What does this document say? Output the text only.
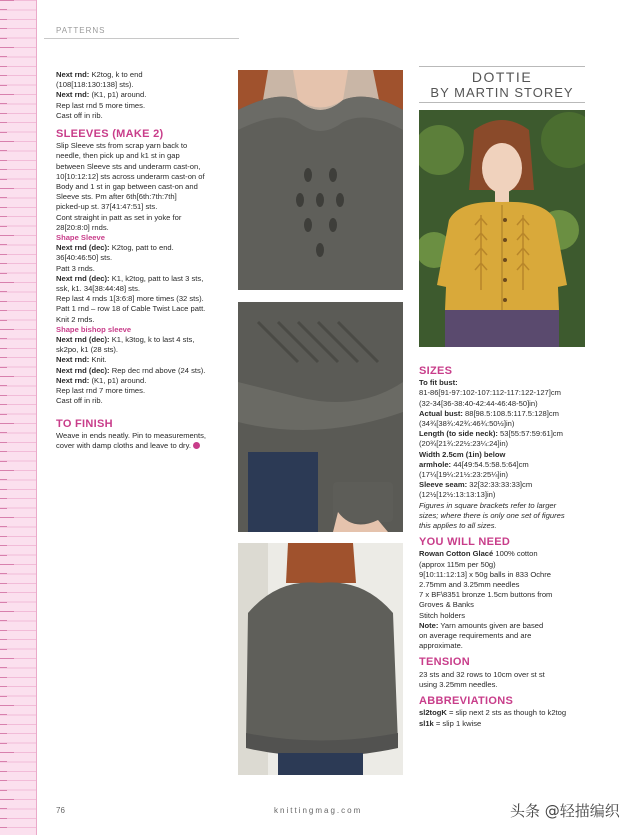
PATTERNS

Next rnd: K2tog, k to end

(108[118:130:138] sts).

Next rnd: (K1, p1) around.

Rep last rnd 5 more times.

Cast off in rib.

SLEEVES (MAKE 2)

Slip Sleeve sts from scrap yarn back to

needle, then pick up and k1 st in gap

between Sleeve sts and underarm cast-on,

10[10:12:12] sts across underarm cast-on of

Body and 1 st in gap between cast-on and

Sleeve sts. Pm after 6th[6th:7th:7th]

picked-up st. 37[41:47:51] sts.

Cont straight in patt as set in yoke for

28[20:8:0] rnds.

Shape Sleeve

Next rnd (dec): K2tog, patt to end.

36[40:46:50] sts.

Patt 3 rnds.

Next rnd (dec): K1, k2tog, patt to last 3 sts,

ssk, k1. 34[38:44:48] sts.

Rep last 4 rnds 1[3:6:8] more times (32 sts).

Patt 1 rnd – row 18 of Cable Twist Lace patt.

Knit 2 rnds.

Shape bishop sleeve

Next rnd (dec): K1, k3tog, k to last 4 sts,

sk2po, k1 (28 sts).

Next rnd: Knit.

Next rnd (dec): Rep dec rnd above (24 sts).

Next rnd: (K1, p1) around.

Rep last rnd 7 more times.

Cast off in rib.

TO FINISH

Weave in ends neatly. Pin to measurements,

cover with damp cloths and leave to dry.

DOTTIE
BY MARTIN STOREY

SIZES

To fit bust:

81-86[91-97:102-107:112-117:122-127]cm

(32-34[36-38:40-42:44-46:48-50]in)

Actual bust: 88[98.5:108.5:117.5:128]cm

(34¾[38¾:42¾:46¾:50½]in)

Length (to side neck): 53[55:57:59:61]cm

(20¾[21¾:22½:23¼:24]in)

Width 2.5cm (1in) below

armhole: 44[49:54.5:58.5:64]cm

(17¼[19¼:21½:23:25¼]in)

Sleeve seam: 32[32:33:33:33]cm

(12½[12½:13:13:13]in)

Figures in square brackets refer to larger

sizes; where there is only one set of figures

this applies to all sizes.

YOU WILL NEED

Rowan Cotton Glacé 100% cotton

(approx 115m per 50g)

9[10:11:12:13] x 50g balls in 833 Ochre

2.75mm and 3.25mm needles

7 x BF\8351 bronze 1.5cm buttons from

Groves & Banks

Stitch holders

Note: Yarn amounts given are based

on average requirements and are

approximate.

TENSION

23 sts and 32 rows to 10cm over st st

using 3.25mm needles.

ABBREVIATIONS

sl2togK = slip next 2 sts as though to k2tog

sl1k = slip 1 kwise

76	knittingmag.com	头条 @轻描编织
